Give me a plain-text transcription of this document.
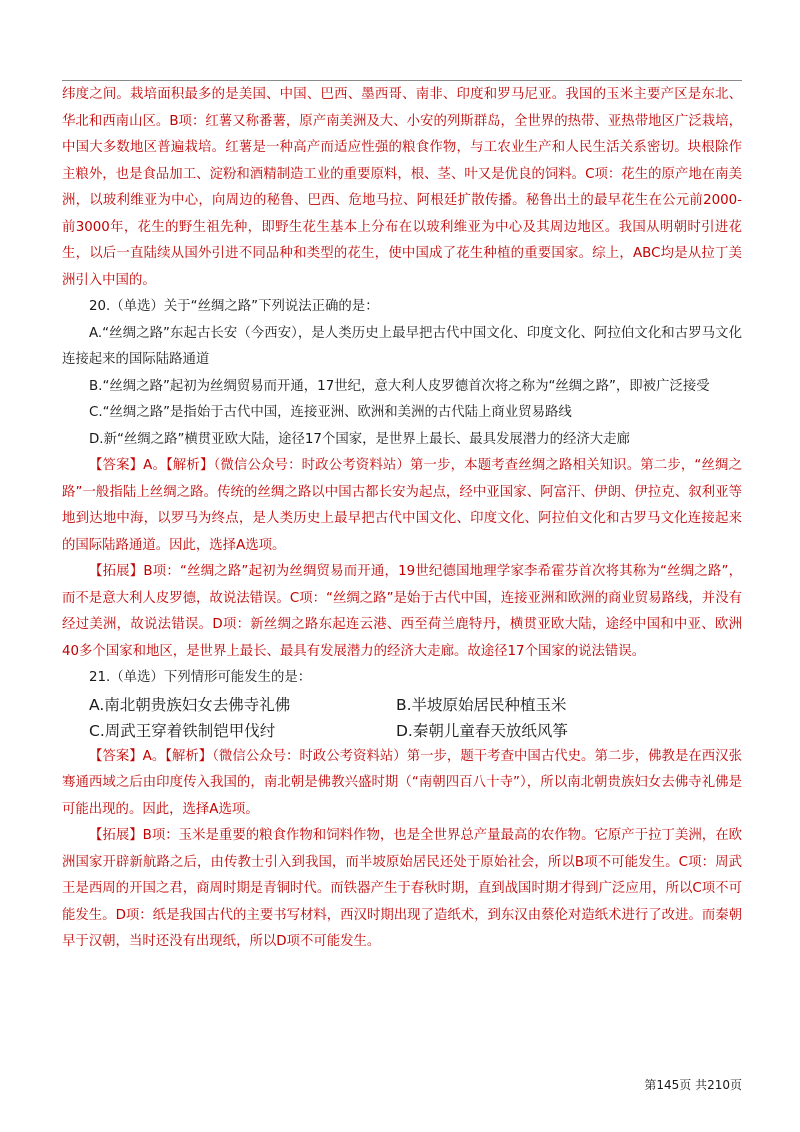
纬度之间。栽培面积最多的是美国、中国、巴西、墨西哥、南非、印度和罗马尼亚。我国的玉米主要产区是东北、华北和西南山区。B项：红薯又称番薯，原产南美洲及大、小安的列斯群岛，全世界的热带、亚热带地区广泛栽培，中国大多数地区普遍栽培。红薯是一种高产而适应性强的粮食作物，与工农业生产和人民生活关系密切。块根除作主粮外，也是食品加工、淀粉和酒精制造工业的重要原料，根、茎、叶又是优良的饲料。C项：花生的原产地在南美洲，以玻利维亚为中心，向周边的秘鲁、巴西、危地马拉、阿根廷扩散传播。秘鲁出土的最早花生在公元前2000-前3000年，花生的野生祖先种，即野生花生基本上分布在以玻利维亚为中心及其周边地区。我国从明朝时引进花生，以后一直陆续从国外引进不同品种和类型的花生，使中国成了花生种植的重要国家。综上，ABC均是从拉丁美洲引入中国的。

20.（单选）关于“丝绸之路”下列说法正确的是：

A.“丝绸之路”东起古长安（今西安），是人类历史上最早把古代中国文化、印度文化、阿拉伯文化和古罗马文化连接起来的国际陆路通道

B.“丝绸之路”起初为丝绸贸易而开通，17世纪，意大利人皮罗德首次将之称为“丝绸之路”，即被广泛接受

C.“丝绸之路”是指始于古代中国，连接亚洲、欧洲和美洲的古代陆上商业贸易路线

D.新“丝绸之路”横贯亚欧大陆，途径17个国家，是世界上最长、最具发展潜力的经济大走廊

【答案】A。【解析】（微信公众号：时政公考资料站）第一步，本题考查丝绸之路相关知识。第二步，“丝绸之路”一般指陆上丝绸之路。传统的丝绸之路以中国古都长安为起点，经中亚国家、阿富汗、伊朗、伊拉克、叙利亚等地到达地中海，以罗马为终点，是人类历史上最早把古代中国文化、印度文化、阿拉伯文化和古罗马文化连接起来的国际陆路通道。因此，选择A选项。

【拓展】B项：“丝绸之路”起初为丝绸贸易而开通，19世纪德国地理学家李希霍芬首次将其称为“丝绸之路”，而不是意大利人皮罗德，故说法错误。C项：“丝绸之路”是始于古代中国，连接亚洲和欧洲的商业贸易路线，并没有经过美洲，故说法错误。D项：新丝绸之路东起连云港、西至荷兰鹿特丹，横贯亚欧大陆，途经中国和中亚、欧洲40多个国家和地区，是世界上最长、最具有发展潜力的经济大走廊。故途径17个国家的说法错误。

21.（单选）下列情形可能发生的是：

A.南北朝贵族妇女去佛寺礼佛	B.半坡原始居民种植玉米

C.周武王穿着铁制铠甲伐纣	D.秦朝儿童春天放纸风筝

【答案】A。【解析】（微信公众号：时政公考资料站）第一步，题干考查中国古代史。第二步，佛教是在西汉张骞通西域之后由印度传入我国的，南北朝是佛教兴盛时期（“南朝四百八十寺”），所以南北朝贵族妇女去佛寺礼佛是可能出现的。因此，选择A选项。

【拓展】B项：玉米是重要的粮食作物和饲料作物，也是全世界总产量最高的农作物。它原产于拉丁美洲，在欧洲国家开辟新航路之后，由传教士引入到我国，而半坡原始居民还处于原始社会，所以B项不可能发生。C项：周武王是西周的开国之君，商周时期是青铜时代。而铁器产生于春秋时期，直到战国时期才得到广泛应用，所以C项不可能发生。D项：纸是我国古代的主要书写材料，西汉时期出现了造纸术，到东汉由蔡伦对造纸术进行了改进。而秦朝早于汉朝，当时还没有出现纸，所以D项不可能发生。

第145页 共210页
